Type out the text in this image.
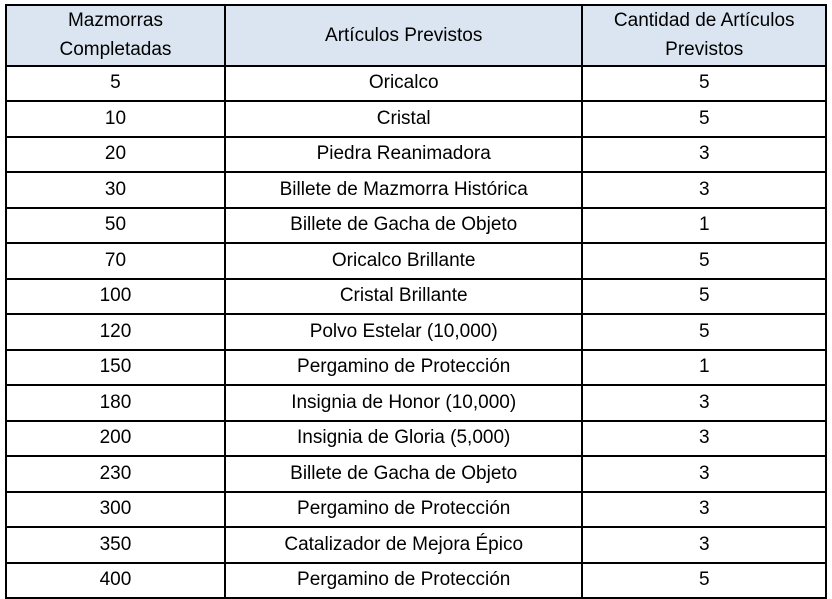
Mazmorras Completadas	Artículos Previstos	Cantidad de Artículos Previstos
5	Oricalco	5
10	Cristal	5
20	Piedra Reanimadora	3
30	Billete de Mazmorra Histórica	3
50	Billete de Gacha de Objeto	1
70	Oricalco Brillante	5
100	Cristal Brillante	5
120	Polvo Estelar (10,000)	5
150	Pergamino de Protección	1
180	Insignia de Honor (10,000)	3
200	Insignia de Gloria (5,000)	3
230	Billete de Gacha de Objeto	3
300	Pergamino de Protección	3
350	Catalizador de Mejora Épico	3
400	Pergamino de Protección	5
